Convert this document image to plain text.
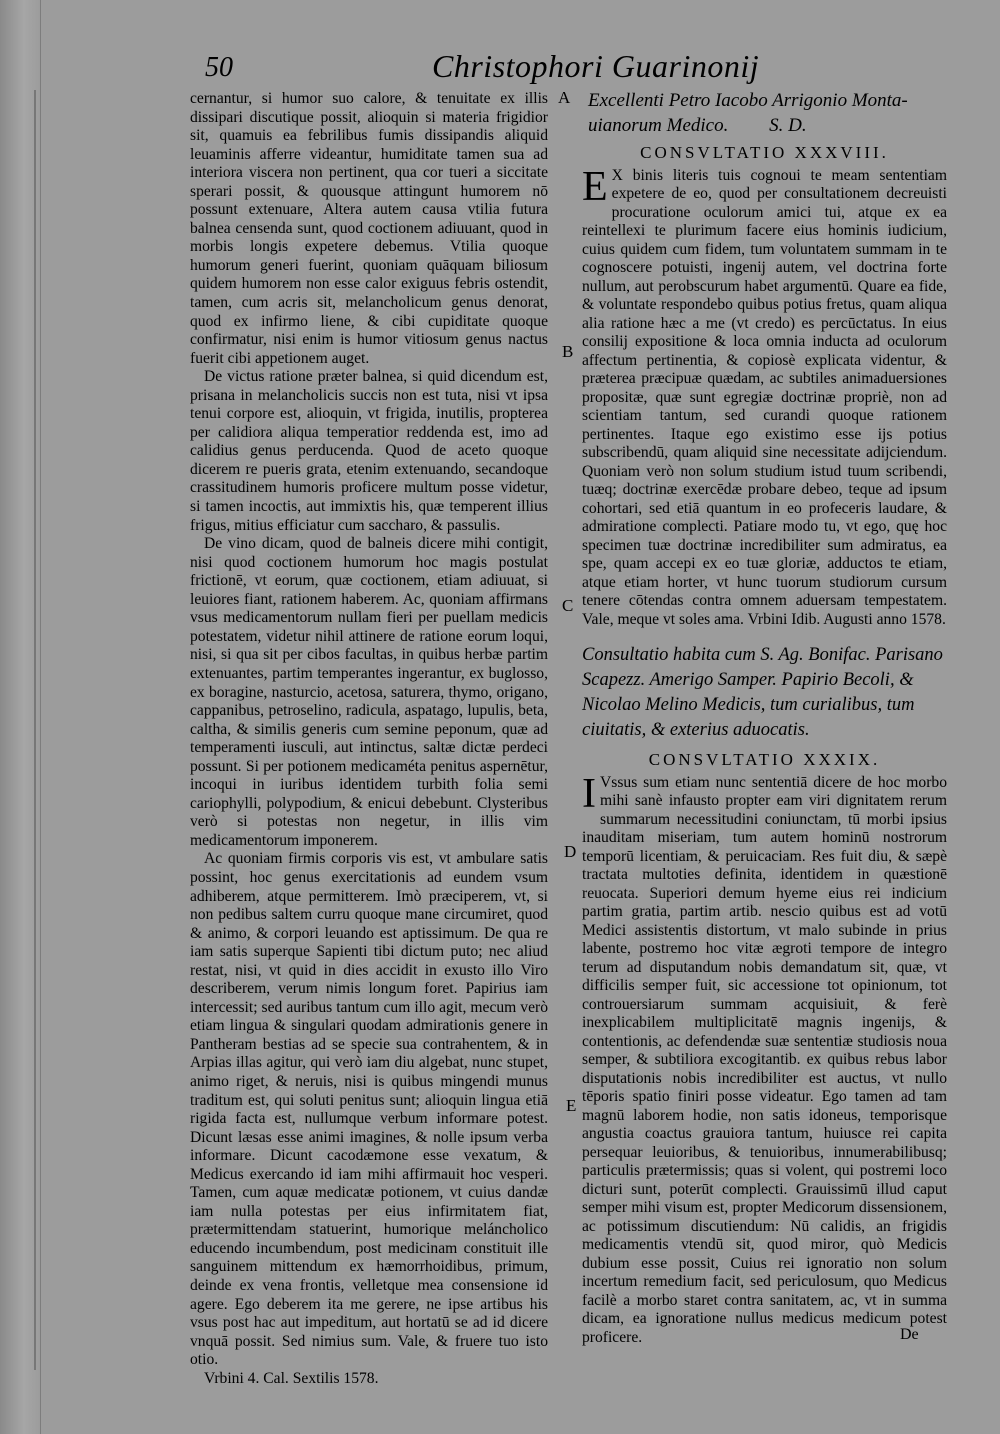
50	Christophori Guarinonij

cernantur, si humor suo calore, & tenuitate ex illis dissipari discutique possit, alioquin si materia frigidior sit, quamuis ea febrilibus fumis dissipandis aliquid leuaminis afferre videantur, humiditate tamen sua ad interiora viscera non pertinent, qua cor tueri a siccitate sperari possit, & quousque attingunt humorem nō possunt extenuare, Altera autem causa vtilia futura balnea censenda sunt, quod coctionem adiuuant, quod in morbis longis expetere debemus. Vtilia quoque humorum generi fuerint, quoniam quāquam biliosum quidem humorem non esse calor exiguus febris ostendit, tamen, cum acris sit, melancholicum genus denorat, quod ex infirmo liene, & cibi cupiditate quoque confirmatur, nisi enim is humor vitiosum genus nactus fuerit cibi appetionem auget.

De victus ratione præter balnea, si quid dicendum est, prisana in melancholicis succis non est tuta, nisi vt ipsa tenui corpore est, alioquin, vt frigida, inutilis, propterea per calidiora aliqua temperatior reddenda est, imo ad calidius genus perducenda. Quod de aceto quoque dicerem re pueris grata, etenim extenuando, secandoque crassitudinem humoris proficere multum posse videtur, si tamen incoctis, aut immixtis his, quæ temperent illius frigus, mitius efficiatur cum saccharo, & passulis.

De vino dicam, quod de balneis dicere mihi contigit, nisi quod coctionem humorum hoc magis postulat frictionē, vt eorum, quæ coctionem, etiam adiuuat, si leuiores fiant, rationem haberem. Ac, quoniam affirmans vsus medicamentorum nullam fieri per puellam medicis potestatem, videtur nihil attinere de ratione eorum loqui, nisi, si qua sit per cibos facultas, in quibus herbæ partim extenuantes, partim temperantes ingerantur, ex buglosso, ex boragine, nasturcio, acetosa, saturera, thymo, origano, cappanibus, petroselino, radicula, aspatago, lupulis, beta, caltha, & similis generis cum semine peponum, quæ ad temperamenti iusculi, aut intinctus, saltæ dictæ perdeci possunt. Si per potionem medicaméta penitus aspernētur, incoqui in iuribus identidem turbith folia semi cariophylli, polypodium, & enicui debebunt. Clysteribus verò si potestas non negetur, in illis vim medicamentorum imponerem.

Ac quoniam firmis corporis vis est, vt ambulare satis possint, hoc genus exercitationis ad eundem vsum adhiberem, atque permitterem. Imò præciperem, vt, si non pedibus saltem curru quoque mane circumiret, quod & animo, & corpori leuando est aptissimum. De qua re iam satis superque Sapienti tibi dictum puto; nec aliud restat, nisi, vt quid in dies accidit in exusto illo Viro describerem, verum nimis longum foret. Papirius iam intercessit; sed auribus tantum cum illo agit, mecum verò etiam lingua & singulari quodam admirationis genere in Pantheram bestias ad se specie sua contrahentem, & in Arpias illas agitur, qui verò iam diu algebat, nunc stupet, animo riget, & neruis, nisi is quibus mingendi munus traditum est, qui soluti penitus sunt; alioquin lingua etiā rigida facta est, nullumque verbum informare potest. Dicunt læsas esse animi imagines, & nolle ipsum verba informare. Dicunt cacodæmone esse vexatum, & Medicus exercando id iam mihi affirmauit hoc vesperi. Tamen, cum aquæ medicatæ potionem, vt cuius dandæ iam nulla potestas per eius infirmitatem fiat, prætermittendam statuerint, humorique meláncholico educendo incumbendum, post medicinam constituit ille sanguinem mittendum ex hæmorrhoidibus, primum, deinde ex vena frontis, velletque mea consensione id agere. Ego deberem ita me gerere, ne ipse artibus his vsus post hac aut impeditum, aut hortatū se ad id dicere vnquā possit. Sed nimius sum. Vale, & fruere tuo isto otio.

Vrbini 4. Cal. Sextilis 1578.

A
B
C
D
E
Excellenti Petro Iacobo Arrigonio Monta-
uianorum Medico. S. D.
CONSVLTATIO XXXVIII.

E X binis literis tuis cognoui te meam sententiam expetere de eo, quod per consultationem decreuisti procuratione oculorum amici tui, atque ex ea reintellexi te plurimum facere eius hominis iudicium, cuius quidem cum fidem, tum voluntatem summam in te cognoscere potuisti, ingenij autem, vel doctrina forte nullum, aut perobscurum habet argumentū. Quare ea fide, & voluntate respondebo quibus potius fretus, quam aliqua alia ratione hæc a me (vt credo) es percūctatus. In eius consilij expositione & loca omnia inducta ad oculorum affectum pertinentia, & copiosè explicata videntur, & præterea præcipuæ quædam, ac subtiles animaduersiones propositæ, quæ sunt egregiæ doctrinæ propriè, non ad scientiam tantum, sed curandi quoque rationem pertinentes. Itaque ego existimo esse ijs potius subscribendū, quam aliquid sine necessitate adijciendum. Quoniam verò non solum studium istud tuum scribendi, tuæq; doctrinæ exercēdæ probare debeo, teque ad ipsum cohortari, sed etiā quantum in eo profeceris laudare, & admiratione complecti. Patiare modo tu, vt ego, quę hoc specimen tuæ doctrinæ incredibiliter sum admiratus, ea spe, quam accepi ex eo tuæ gloriæ, adductos te etiam, atque etiam horter, vt hunc tuorum studiorum cursum tenere cōtendas contra omnem aduersam tempestatem. Vale, meque vt soles ama. Vrbini Idib. Augusti anno 1578.

Consultatio habita cum S. Ag. Bonifac. Parisano Scapezz. Amerigo Samper. Papirio Becoli, & Nicolao Melino Medicis, tum curialibus, tum ciuitatis, & exterius aduocatis.
CONSVLTATIO XXXIX.

I Vssus sum etiam nunc sententiā dicere de hoc morbo mihi sanè infausto propter eam viri dignitatem rerum summarum necessitudini coniunctam, tū morbi ipsius inauditam miseriam, tum autem hominū nostrorum temporū licentiam, & peruicaciam. Res fuit diu, & sæpè tractata multoties definita, identidem in quæstionē reuocata. Superiori demum hyeme eius rei indicium partim gratia, partim artib. nescio quibus est ad votū Medici assistentis distortum, vt malo subinde in prius labente, postremo hoc vitæ ægroti tempore de integro terum ad disputandum nobis demandatum sit, quæ, vt difficilis semper fuit, sic accessione tot opinionum, tot controuersiarum summam acquisiuit, & ferè inexplicabilem multiplicitatē magnis ingenijs, & contentionis, ac defendendæ suæ sententiæ studiosis noua semper, & subtiliora excogitantib. ex quibus rebus labor disputationis nobis incredibiliter est auctus, vt nullo tēporis spatio finiri posse videatur. Ego tamen ad tam magnū laborem hodie, non satis idoneus, temporisque angustia coactus grauiora tantum, huiusce rei capita persequar leuioribus, & tenuioribus, innumerabilibusq; particulis prætermissis; quas si volent, qui postremi loco dicturi sunt, poterūt complecti. Grauissimū illud caput semper mihi visum est, propter Medicorum dissensionem, ac potissimum discutiendum: Nū calidis, an frigidis medicamentis vtendū sit, quod miror, quò Medicis dubium esse possit, Cuius rei ignoratio non solum incertum remedium facit, sed periculosum, quo Medicus facilè a morbo staret contra sanitatem, ac, vt in summa dicam, ea ignoratione nullus medicus medicum potest proficere.	De
